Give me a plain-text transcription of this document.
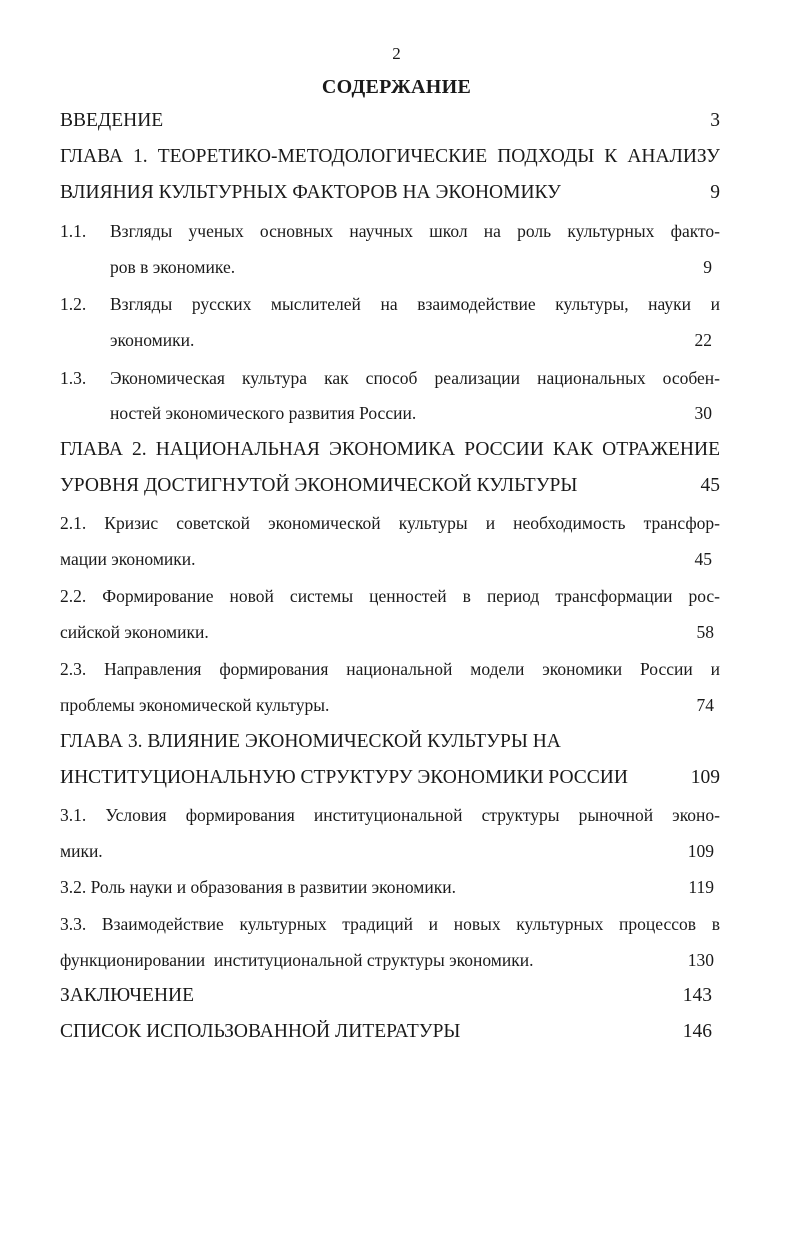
2
СОДЕРЖАНИЕ
ВВЕДЕНИЕ	3
ГЛАВА 1. ТЕОРЕТИКО-МЕТОДОЛОГИЧЕСКИЕ ПОДХОДЫ К АНАЛИЗУ
ВЛИЯНИЯ КУЛЬТУРНЫХ ФАКТОРОВ НА ЭКОНОМИКУ	9
1.1.	Взгляды ученых основных научных школ на роль культурных факто-
ров в экономике.	9
1.2.	Взгляды русских мыслителей на взаимодействие культуры, науки и
экономики.	22
1.3.	Экономическая культура как способ реализации национальных особен-
ностей экономического развития России.	30
ГЛАВА 2. НАЦИОНАЛЬНАЯ ЭКОНОМИКА РОССИИ КАК ОТРАЖЕНИЕ
УРОВНЯ ДОСТИГНУТОЙ ЭКОНОМИЧЕСКОЙ КУЛЬТУРЫ	45
2.1. Кризис советской экономической культуры и необходимость трансфор-
мации экономики.	45
2.2. Формирование новой системы ценностей в период трансформации рос-
сийской экономики.	58
2.3. Направления формирования национальной модели экономики России и
проблемы экономической культуры.	74
ГЛАВА 3. ВЛИЯНИЕ ЭКОНОМИЧЕСКОЙ КУЛЬТУРЫ НА
ИНСТИТУЦИОНАЛЬНУЮ СТРУКТУРУ ЭКОНОМИКИ РОССИИ	109
3.1. Условия формирования институциональной структуры рыночной эконо-
мики.	109
3.2. Роль науки и образования в развитии экономики.	119
3.3. Взаимодействие культурных традиций и новых культурных процессов в
функционировании  институциональной структуры экономики.	130
ЗАКЛЮЧЕНИЕ	143
СПИСОК ИСПОЛЬЗОВАННОЙ ЛИТЕРАТУРЫ	146
